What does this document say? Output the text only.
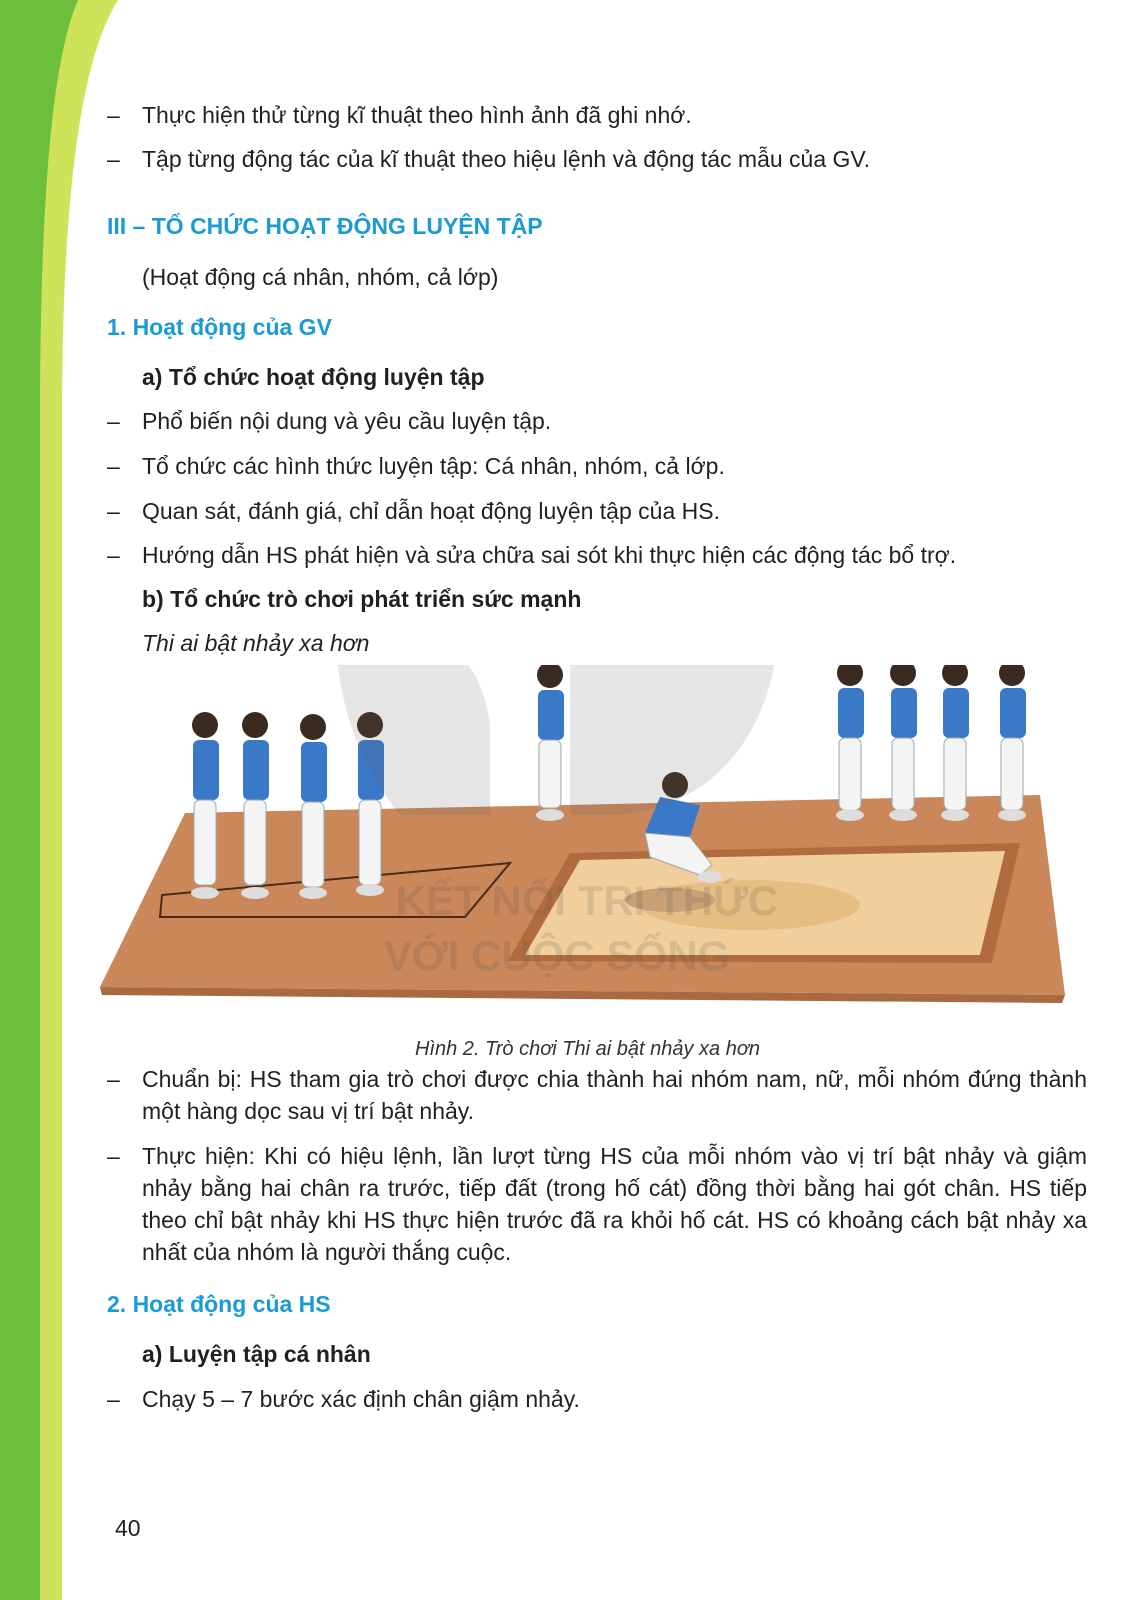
– Thực hiện thử từng kĩ thuật theo hình ảnh đã ghi nhớ.

– Tập từng động tác của kĩ thuật theo hiệu lệnh và động tác mẫu của GV.

III – TỔ CHỨC HOẠT ĐỘNG LUYỆN TẬP

(Hoạt động cá nhân, nhóm, cả lớp)

1. Hoạt động của GV

a) Tổ chức hoạt động luyện tập

– Phổ biến nội dung và yêu cầu luyện tập.

– Tổ chức các hình thức luyện tập: Cá nhân, nhóm, cả lớp.

– Quan sát, đánh giá, chỉ dẫn hoạt động luyện tập của HS.

– Hướng dẫn HS phát hiện và sửa chữa sai sót khi thực hiện các động tác bổ trợ.

b) Tổ chức trò chơi phát triển sức mạnh

Thi ai bật nhảy xa hơn

KẾT NỐI TRI THỨC
VỚI CUỘC SỐNG
Hình 2. Trò chơi Thi ai bật nhảy xa hơn

– Chuẩn bị: HS tham gia trò chơi được chia thành hai nhóm nam, nữ, mỗi nhóm đứng thành một hàng dọc sau vị trí bật nhảy.

– Thực hiện: Khi có hiệu lệnh, lần lượt từng HS của mỗi nhóm vào vị trí bật nhảy và giậm nhảy bằng hai chân ra trước, tiếp đất (trong hố cát) đồng thời bằng hai gót chân. HS tiếp theo chỉ bật nhảy khi HS thực hiện trước đã ra khỏi hố cát. HS có khoảng cách bật nhảy xa nhất của nhóm là người thắng cuộc.

2. Hoạt động của HS

a) Luyện tập cá nhân

– Chạy 5 – 7 bước xác định chân giậm nhảy.

40
